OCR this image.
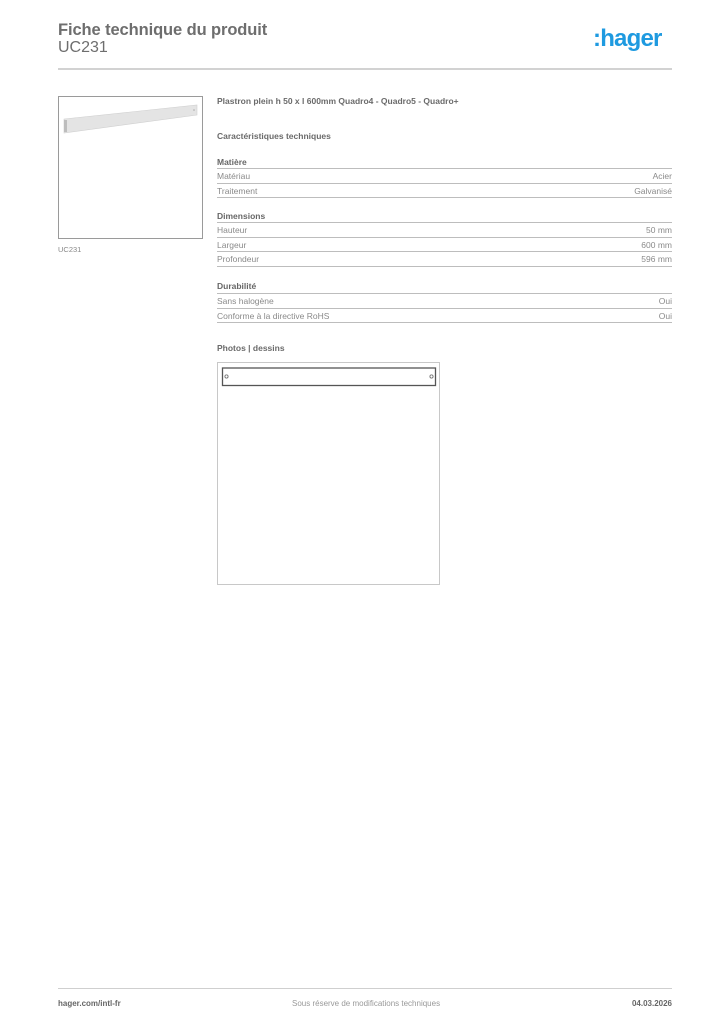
Fiche technique du produit
UC231	:hager
UC231
Plastron plein h 50 x l 600mm Quadro4 - Quadro5 - Quadro+
Caractéristiques techniques
Matière
Matériau	Acier
Traitement	Galvanisé
Dimensions
Hauteur	50 mm
Largeur	600 mm
Profondeur	596 mm
Durabilité
Sans halogène	Oui
Conforme à la directive RoHS	Oui
Photos | dessins
hager.com/intl-fr	Sous réserve de modifications techniques	04.03.2026
